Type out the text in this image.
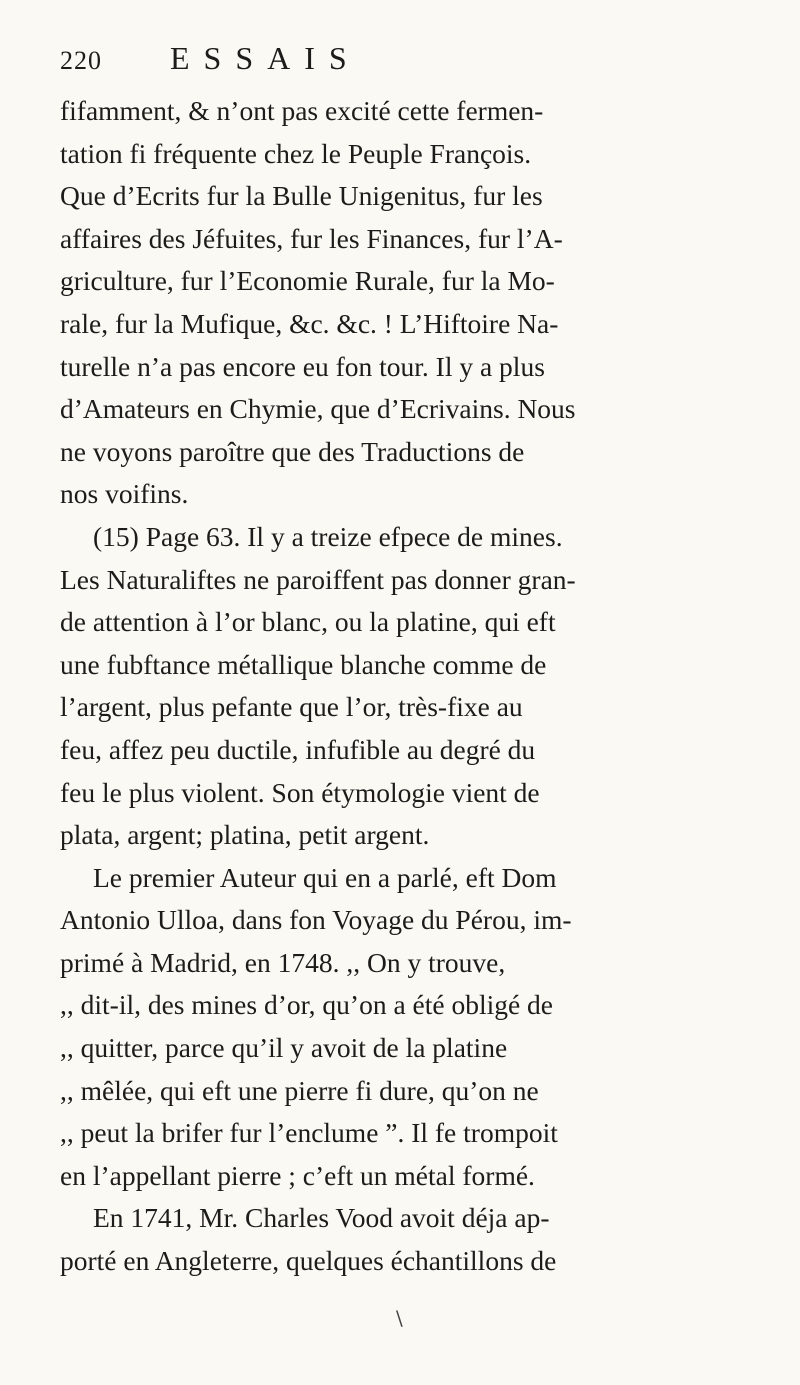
220 ESSAIS
fifamment, & n’ont pas excité cette fermen-
tation fi fréquente chez le Peuple François.
Que d’Ecrits fur la Bulle Unigenitus, fur les
affaires des Jéfuites, fur les Finances, fur l’A-
griculture, fur l’Economie Rurale, fur la Mo-
rale, fur la Mufique, &c. &c. ! L’Hiftoire Na-
turelle n’a pas encore eu fon tour. Il y a plus
d’Amateurs en Chymie, que d’Ecrivains. Nous
ne voyons paroître que des Traductions de
nos voifins.
(15) Page 63. Il y a treize efpece de mines.
Les Naturaliftes ne paroiffent pas donner gran-
de attention à l’or blanc, ou la platine, qui eft
une fubftance métallique blanche comme de
l’argent, plus pefante que l’or, très-fixe au
feu, affez peu ductile, infufible au degré du
feu le plus violent. Son étymologie vient de
plata, argent; platina, petit argent.
Le premier Auteur qui en a parlé, eft Dom
Antonio Ulloa, dans fon Voyage du Pérou, im-
primé à Madrid, en 1748. ,, On y trouve,
,, dit-il, des mines d’or, qu’on a été obligé de
,, quitter, parce qu’il y avoit de la platine
,, mêlée, qui eft une pierre fi dure, qu’on ne
,, peut la brifer fur l’enclume ”. Il fe trompoit
en l’appellant pierre ; c’eft un métal formé.
En 1741, Mr. Charles Vood avoit déja ap-
porté en Angleterre, quelques échantillons de
\
